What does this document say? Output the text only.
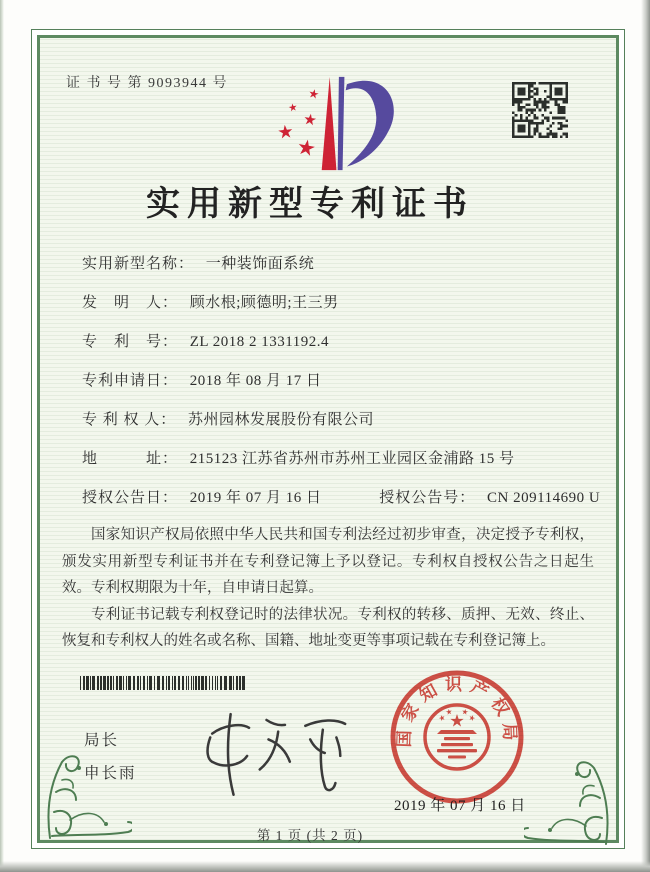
证 书 号 第 9093944 号
实用新型专利证书
实用新型名称： 一种装饰面系统
发　明　人： 顾水根;顾德明;王三男
专　利　号： ZL 2018 2 1331192.4
专利申请日： 2018 年 08 月 17 日
专 利 权 人： 苏州园林发展股份有限公司
地　　　址： 215123 江苏省苏州市苏州工业园区金浦路 15 号
授权公告日： 2019 年 07 月 16 日	授权公告号： CN 209114690 U

国家知识产权局依照中华人民共和国专利法经过初步审查，决定授予专利权，颁发实用新型专利证书并在专利登记簿上予以登记。专利权自授权公告之日起生效。专利权期限为十年，自申请日起算。

专利证书记载专利权登记时的法律状况。专利权的转移、质押、无效、终止、恢复和专利权人的姓名或名称、国籍、地址变更等事项记载在专利登记簿上。

局长
申长雨
国家知识产权局
2019 年 07 月 16 日
第 1 页 (共 2 页)
